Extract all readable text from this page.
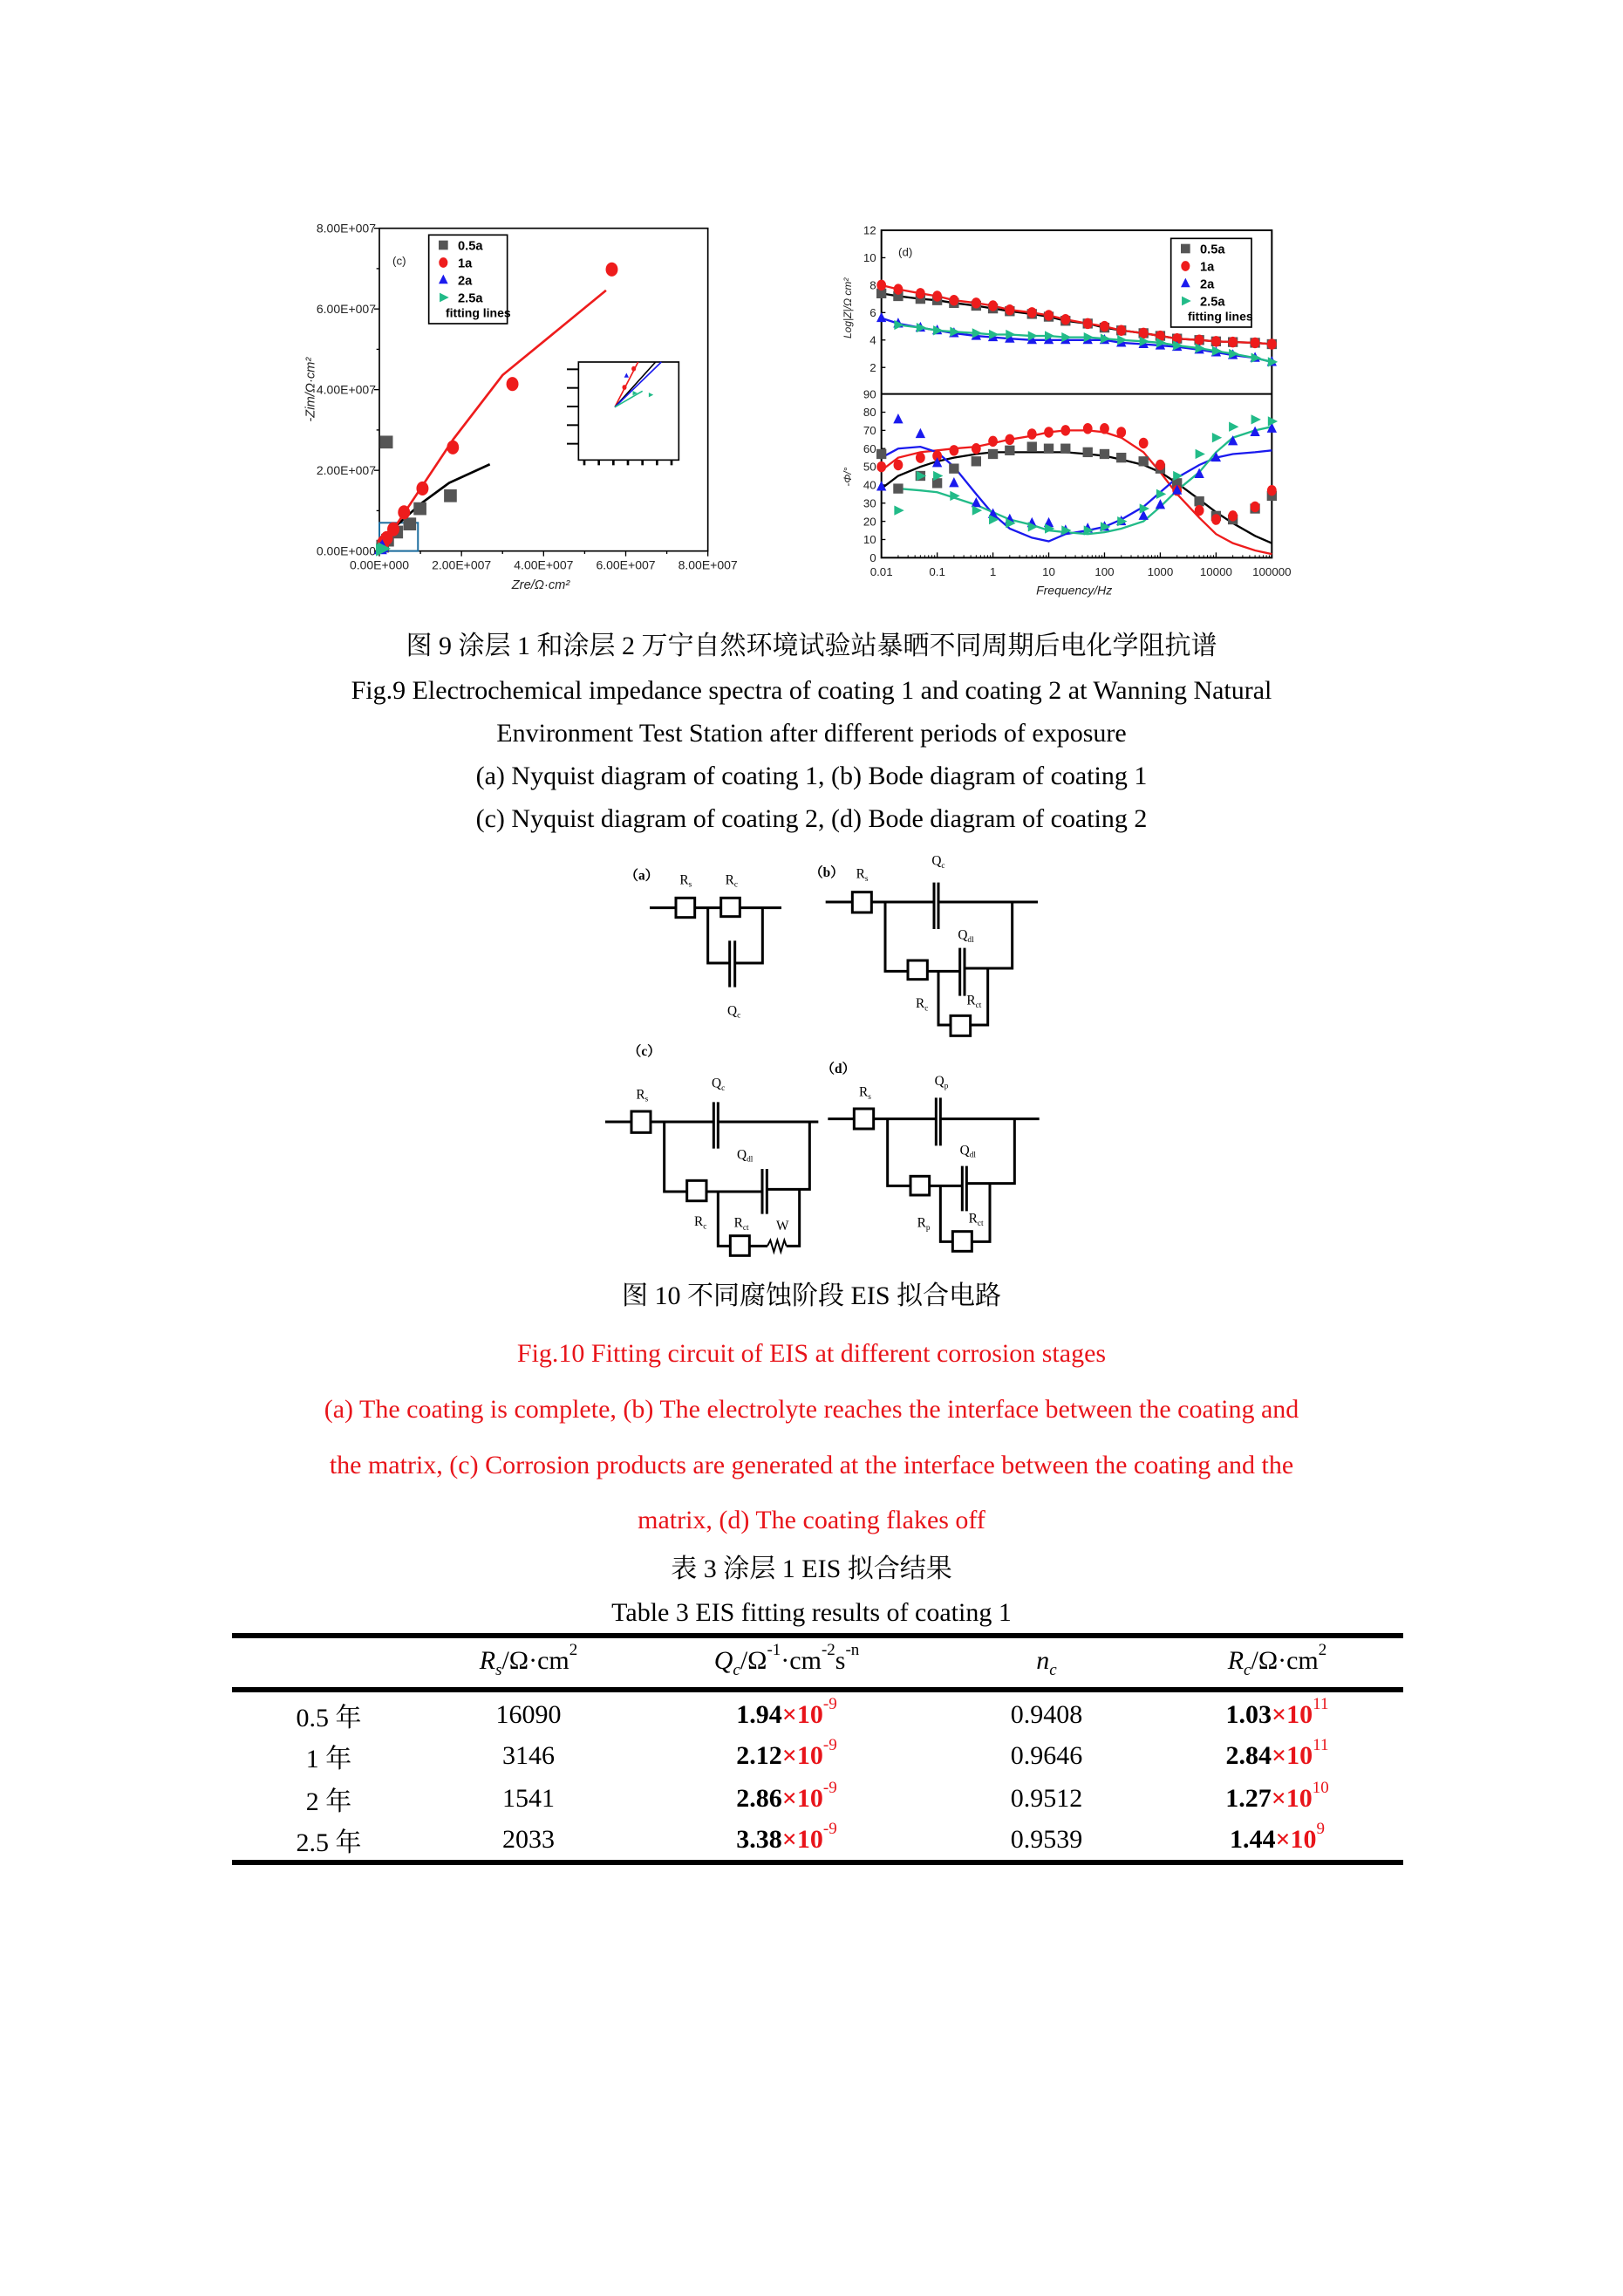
0.00E+000 2.00E+007 4.00E+007 6.00E+007 8.00E+007
0.00E+000
2.00E+007
4.00E+007
6.00E+007
8.00E+007
Zre/Ω·cm²
-Zim/Ω·cm²
(c)
0.5a
1a
2a
2.5a
fitting lines
0.01 0.1 1 10 100 1000 10000 100000
2
4
6
8
10
12
0
10
20
30
40
50
60
70
80
90
Frequency/Hz
Log|Z|/Ω cm²
-Φ/°
(d)	0.5a
1a
2a
2.5a
fitting lines
图 9 涂层 1 和涂层 2 万宁自然环境试验站暴晒不同周期后电化学阻抗谱
Fig.9 Electrochemical impedance spectra of coating 1 and coating 2 at Wanning Natural
Environment Test Station after different periods of exposure
(a) Nyquist diagram of coating 1, (b) Bode diagram of coating 1
(c) Nyquist diagram of coating 2, (d) Bode diagram of coating 2
（a） $R_s$ $R_c$
$Q_c$
（b） $R_s$
$Q_c$
$Q_{dl}$
$R_c$
$R_{ct}$
（c）
$R_s$
$Q_c$
$Q_{dl}$
$R_c$ $R_{ct}$ W
（d）
$R_s$
$Q_p$
$Q_{dl}$
$R_p$
$R_{ct}$
图 10 不同腐蚀阶段 EIS 拟合电路
Fig.10 Fitting circuit of EIS at different corrosion stages
(a) The coating is complete, (b) The electrolyte reaches the interface between the coating and
the matrix, (c) Corrosion products are generated at the interface between the coating and the
matrix, (d) The coating flakes off
表 3 涂层 1 EIS 拟合结果
Table 3 EIS fitting results of coating 1
	$R_s/\Omega\cdot cm^2$	$Q_c/\Omega^{-1}\cdot cm^{-2}s^{-n}$	$n_c$	$R_c/\Omega\cdot cm^2$
0.5 年	16090	$1.94\times 10^{-9}$	0.9408	$1.03\times 10^{11}$
1 年	3146	$2.12\times 10^{-9}$	0.9646	$2.84\times 10^{11}$
2 年	1541	$2.86\times 10^{-9}$	0.9512	$1.27\times 10^{10}$
2.5 年	2033	$3.38\times 10^{-9}$	0.9539	$1.44\times 10^9$
